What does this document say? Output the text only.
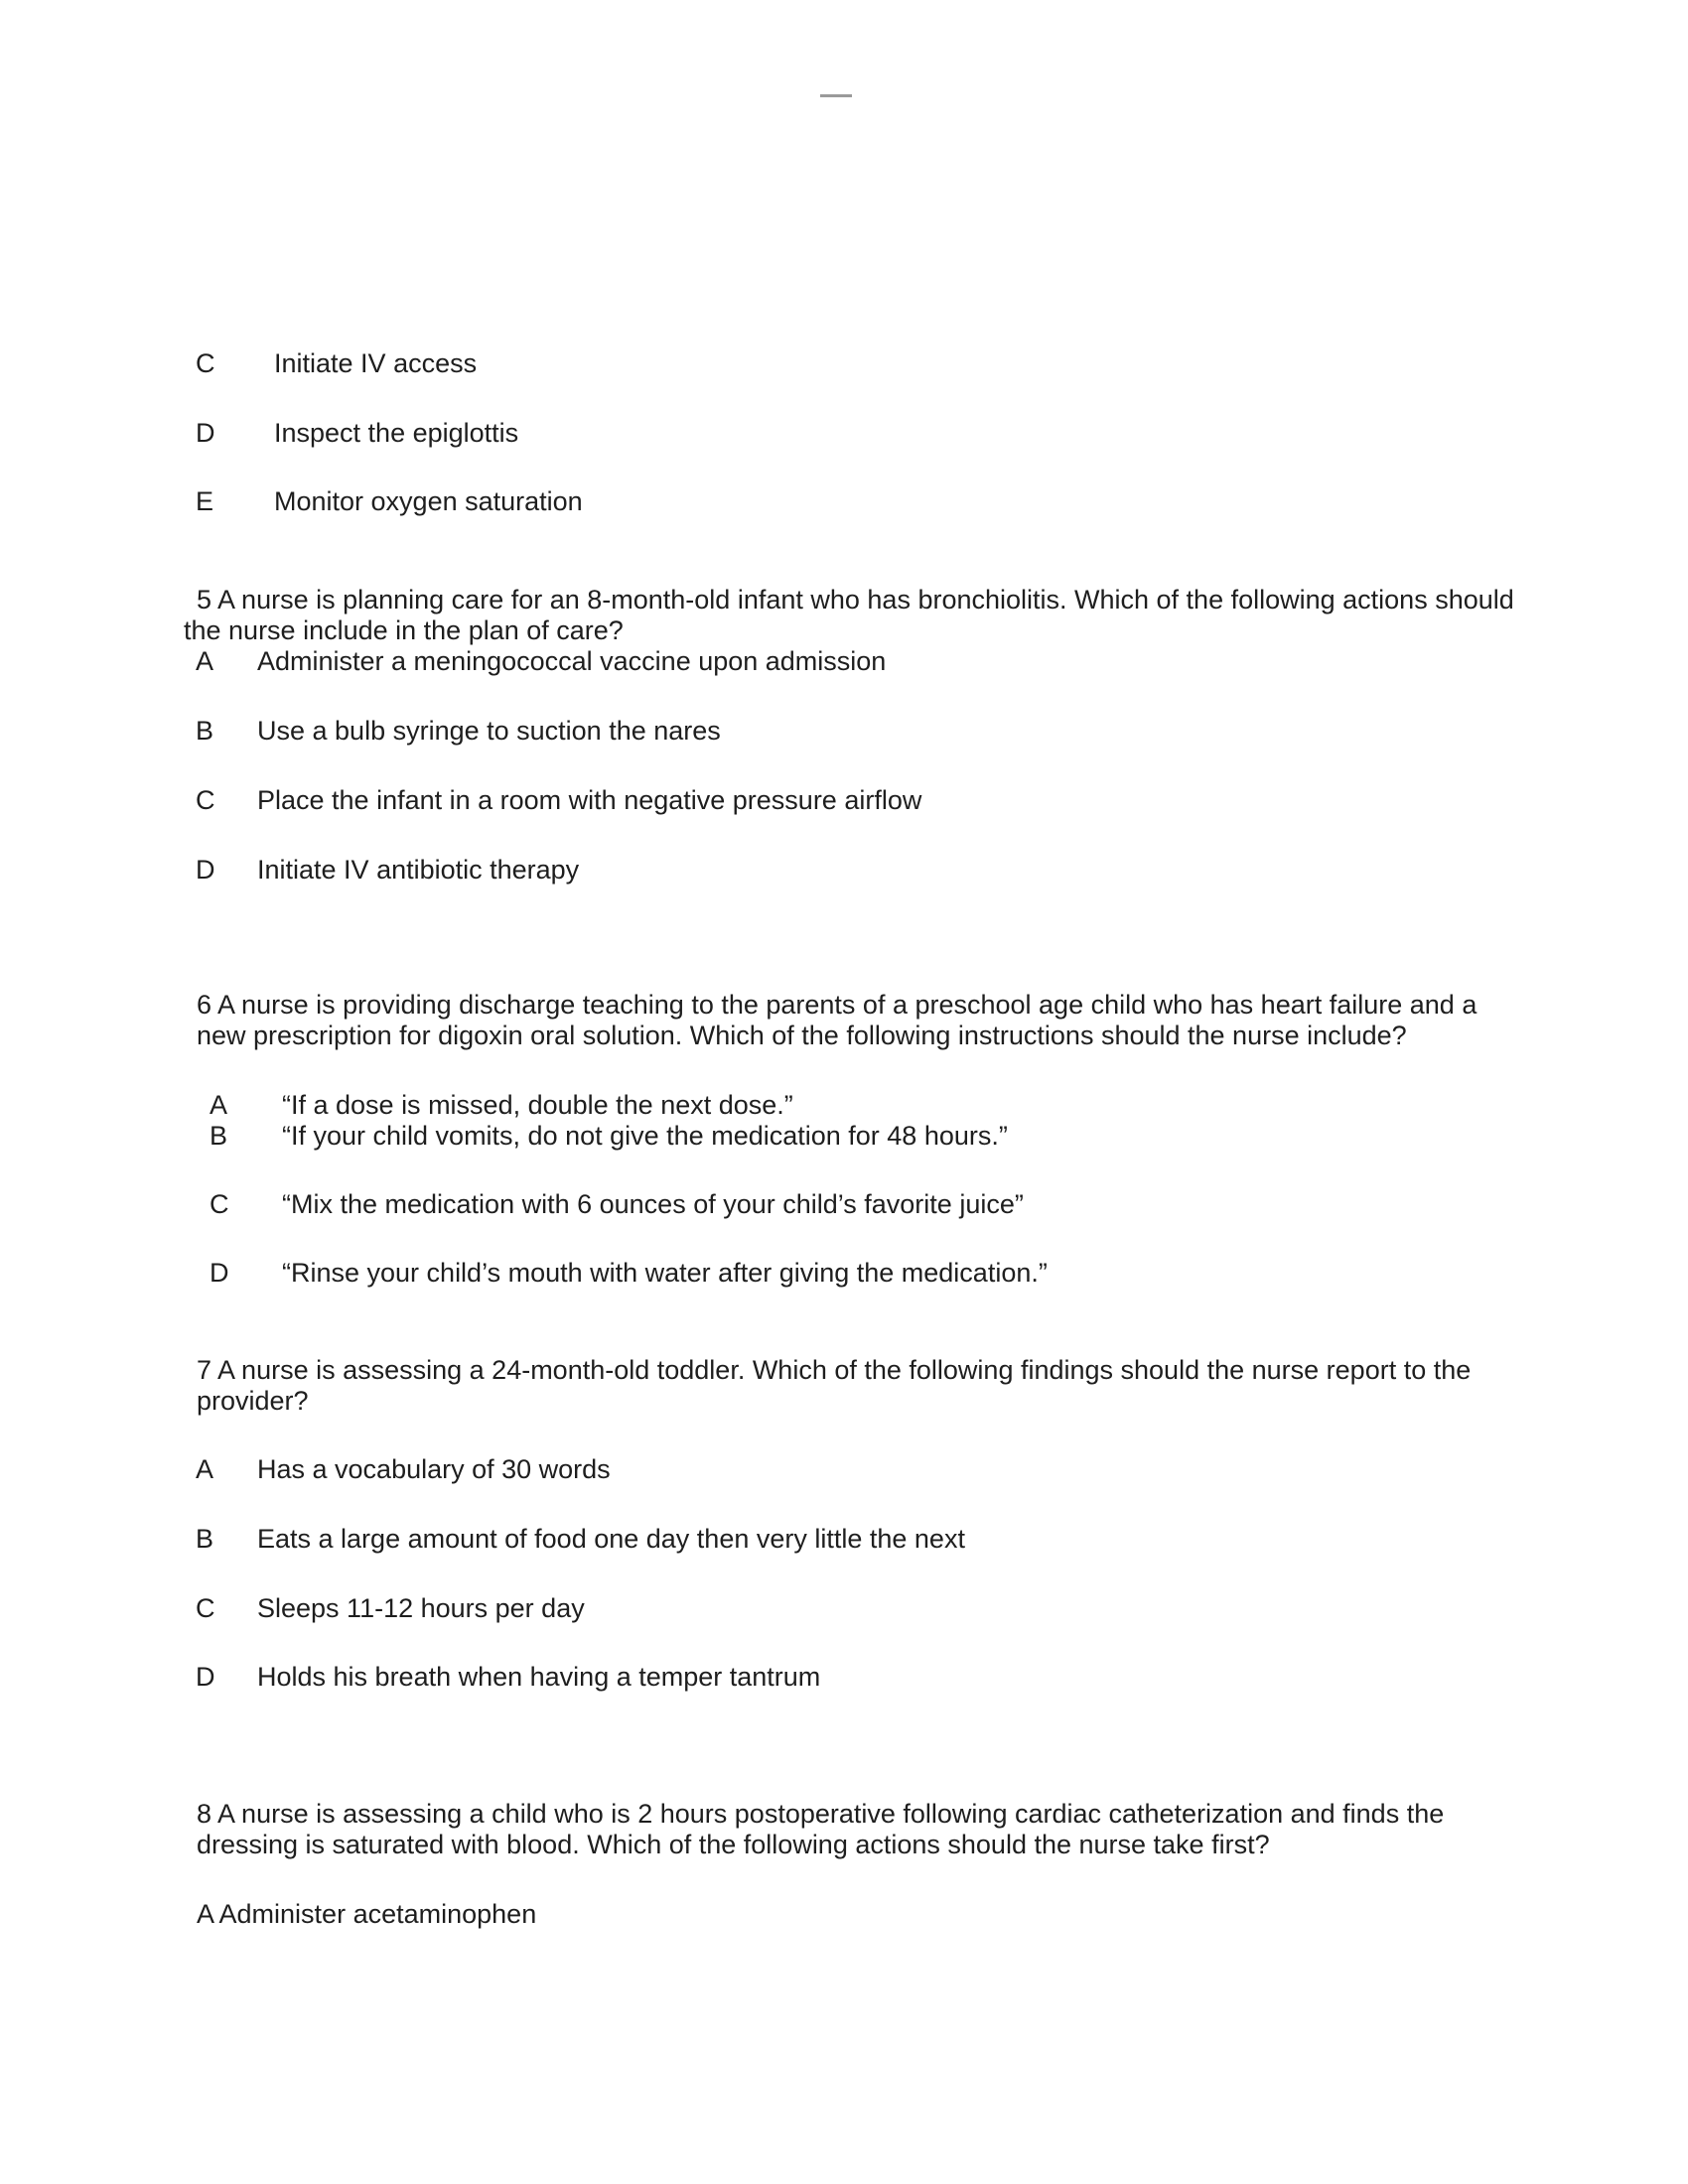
C Initiate IV access
D Inspect the epiglottis
E Monitor oxygen saturation
5 A nurse is planning care for an 8-month-old infant who has bronchiolitis. Which of the following actions should
the nurse include in the plan of care?
A Administer a meningococcal vaccine upon admission
B Use a bulb syringe to suction the nares
C Place the infant in a room with negative pressure airflow
D Initiate IV antibiotic therapy
6 A nurse is providing discharge teaching to the parents of a preschool age child who has heart failure and a
new prescription for digoxin oral solution. Which of the following instructions should the nurse include?
A “If a dose is missed, double the next dose.”
B “If your child vomits, do not give the medication for 48 hours.”
C “Mix the medication with 6 ounces of your child’s favorite juice”
D “Rinse your child’s mouth with water after giving the medication.”
7 A nurse is assessing a 24-month-old toddler. Which of the following findings should the nurse report to the
provider?
A Has a vocabulary of 30 words
B Eats a large amount of food one day then very little the next
C Sleeps 11-12 hours per day
D Holds his breath when having a temper tantrum
8 A nurse is assessing a child who is 2 hours postoperative following cardiac catheterization and finds the
dressing is saturated with blood. Which of the following actions should the nurse take first?
A Administer acetaminophen
